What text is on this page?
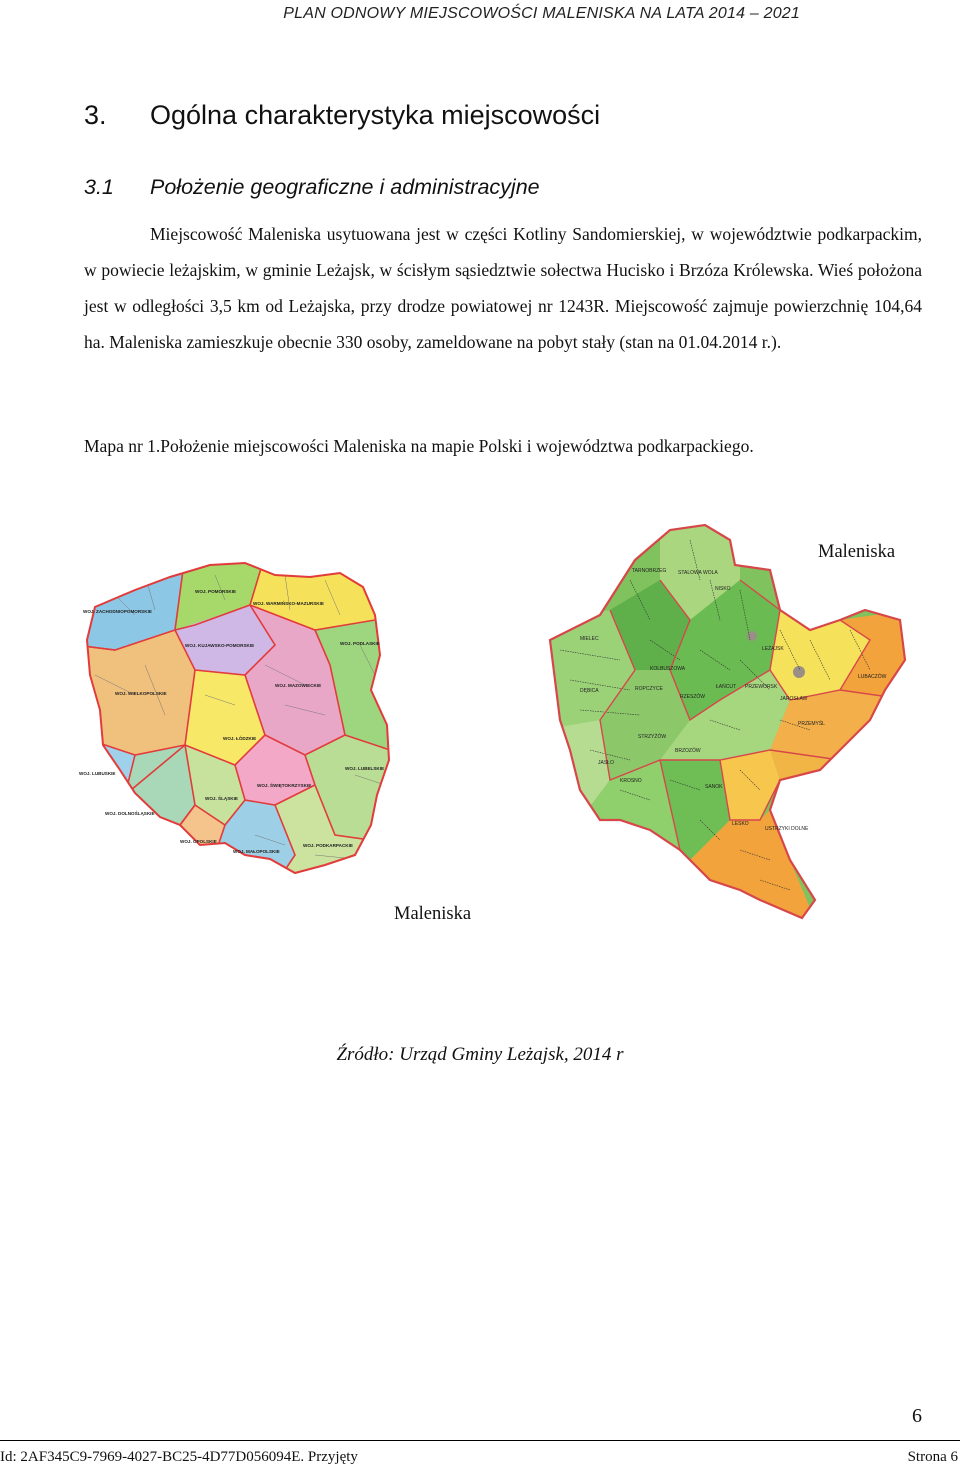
PLAN ODNOWY MIEJSCOWOŚCI MALENISKA NA LATA 2014 – 2021
3. Ogólna charakterystyka miejscowości
3.1 Położenie geograficzne i administracyjne
Miejscowość Maleniska usytuowana jest w części Kotliny Sandomierskiej, w województwie podkarpackim, w powiecie leżajskim, w gminie Leżajsk, w ścisłym sąsiedztwie sołectwa Hucisko i Brzóza Królewska. Wieś położona jest w odległości 3,5 km od Leżajska, przy drodze powiatowej nr 1243R. Miejscowość zajmuje powierzchnię 104,64 ha. Maleniska zamieszkuje obecnie 330 osoby, zameldowane na pobyt stały (stan na 01.04.2014 r.).
Mapa nr 1.Położenie miejscowości Maleniska na mapie Polski i województwa podkarpackiego.
WOJ. POMORSKIE
WOJ. WARMIŃSKO-MAZURSKIE
WOJ. ZACHODNIOPOMORSKIE
WOJ. PODLASKIE
WOJ. KUJAWSKO-POMORSKIE
WOJ. WIELKOPOLSKIE
WOJ. MAZOWIECKIE
WOJ. LUBUSKIE
WOJ. ŁÓDZKIE
WOJ. LUBELSKIE
WOJ. DOLNOŚLĄSKIE
WOJ. ŚWIĘTOKRZYSKIE
WOJ. OPOLSKIE
WOJ. ŚLĄSKIE
WOJ. MAŁOPOLSKIE
WOJ. PODKARPACKIE
TARNOBRZEG
MIELEC
KOLBUSZOWA
ROPCZYCE
DĘBICA
RZESZÓW
ŁAŃCUT
LEŻAJSK
PRZEWORSK
JAROSŁAW
LUBACZÓW
NISKO
STALOWA WOLA
PRZEMYŚL
STRZYŻÓW
JASŁO
KROSNO
BRZOZÓW
SANOK
USTRZYKI DOLNE
LESKO
Maleniska
Maleniska
Źródło: Urząd Gminy Leżajsk, 2014 r
6
Id: 2AF345C9-7969-4027-BC25-4D77D056094E. Przyjęty	Strona 6
